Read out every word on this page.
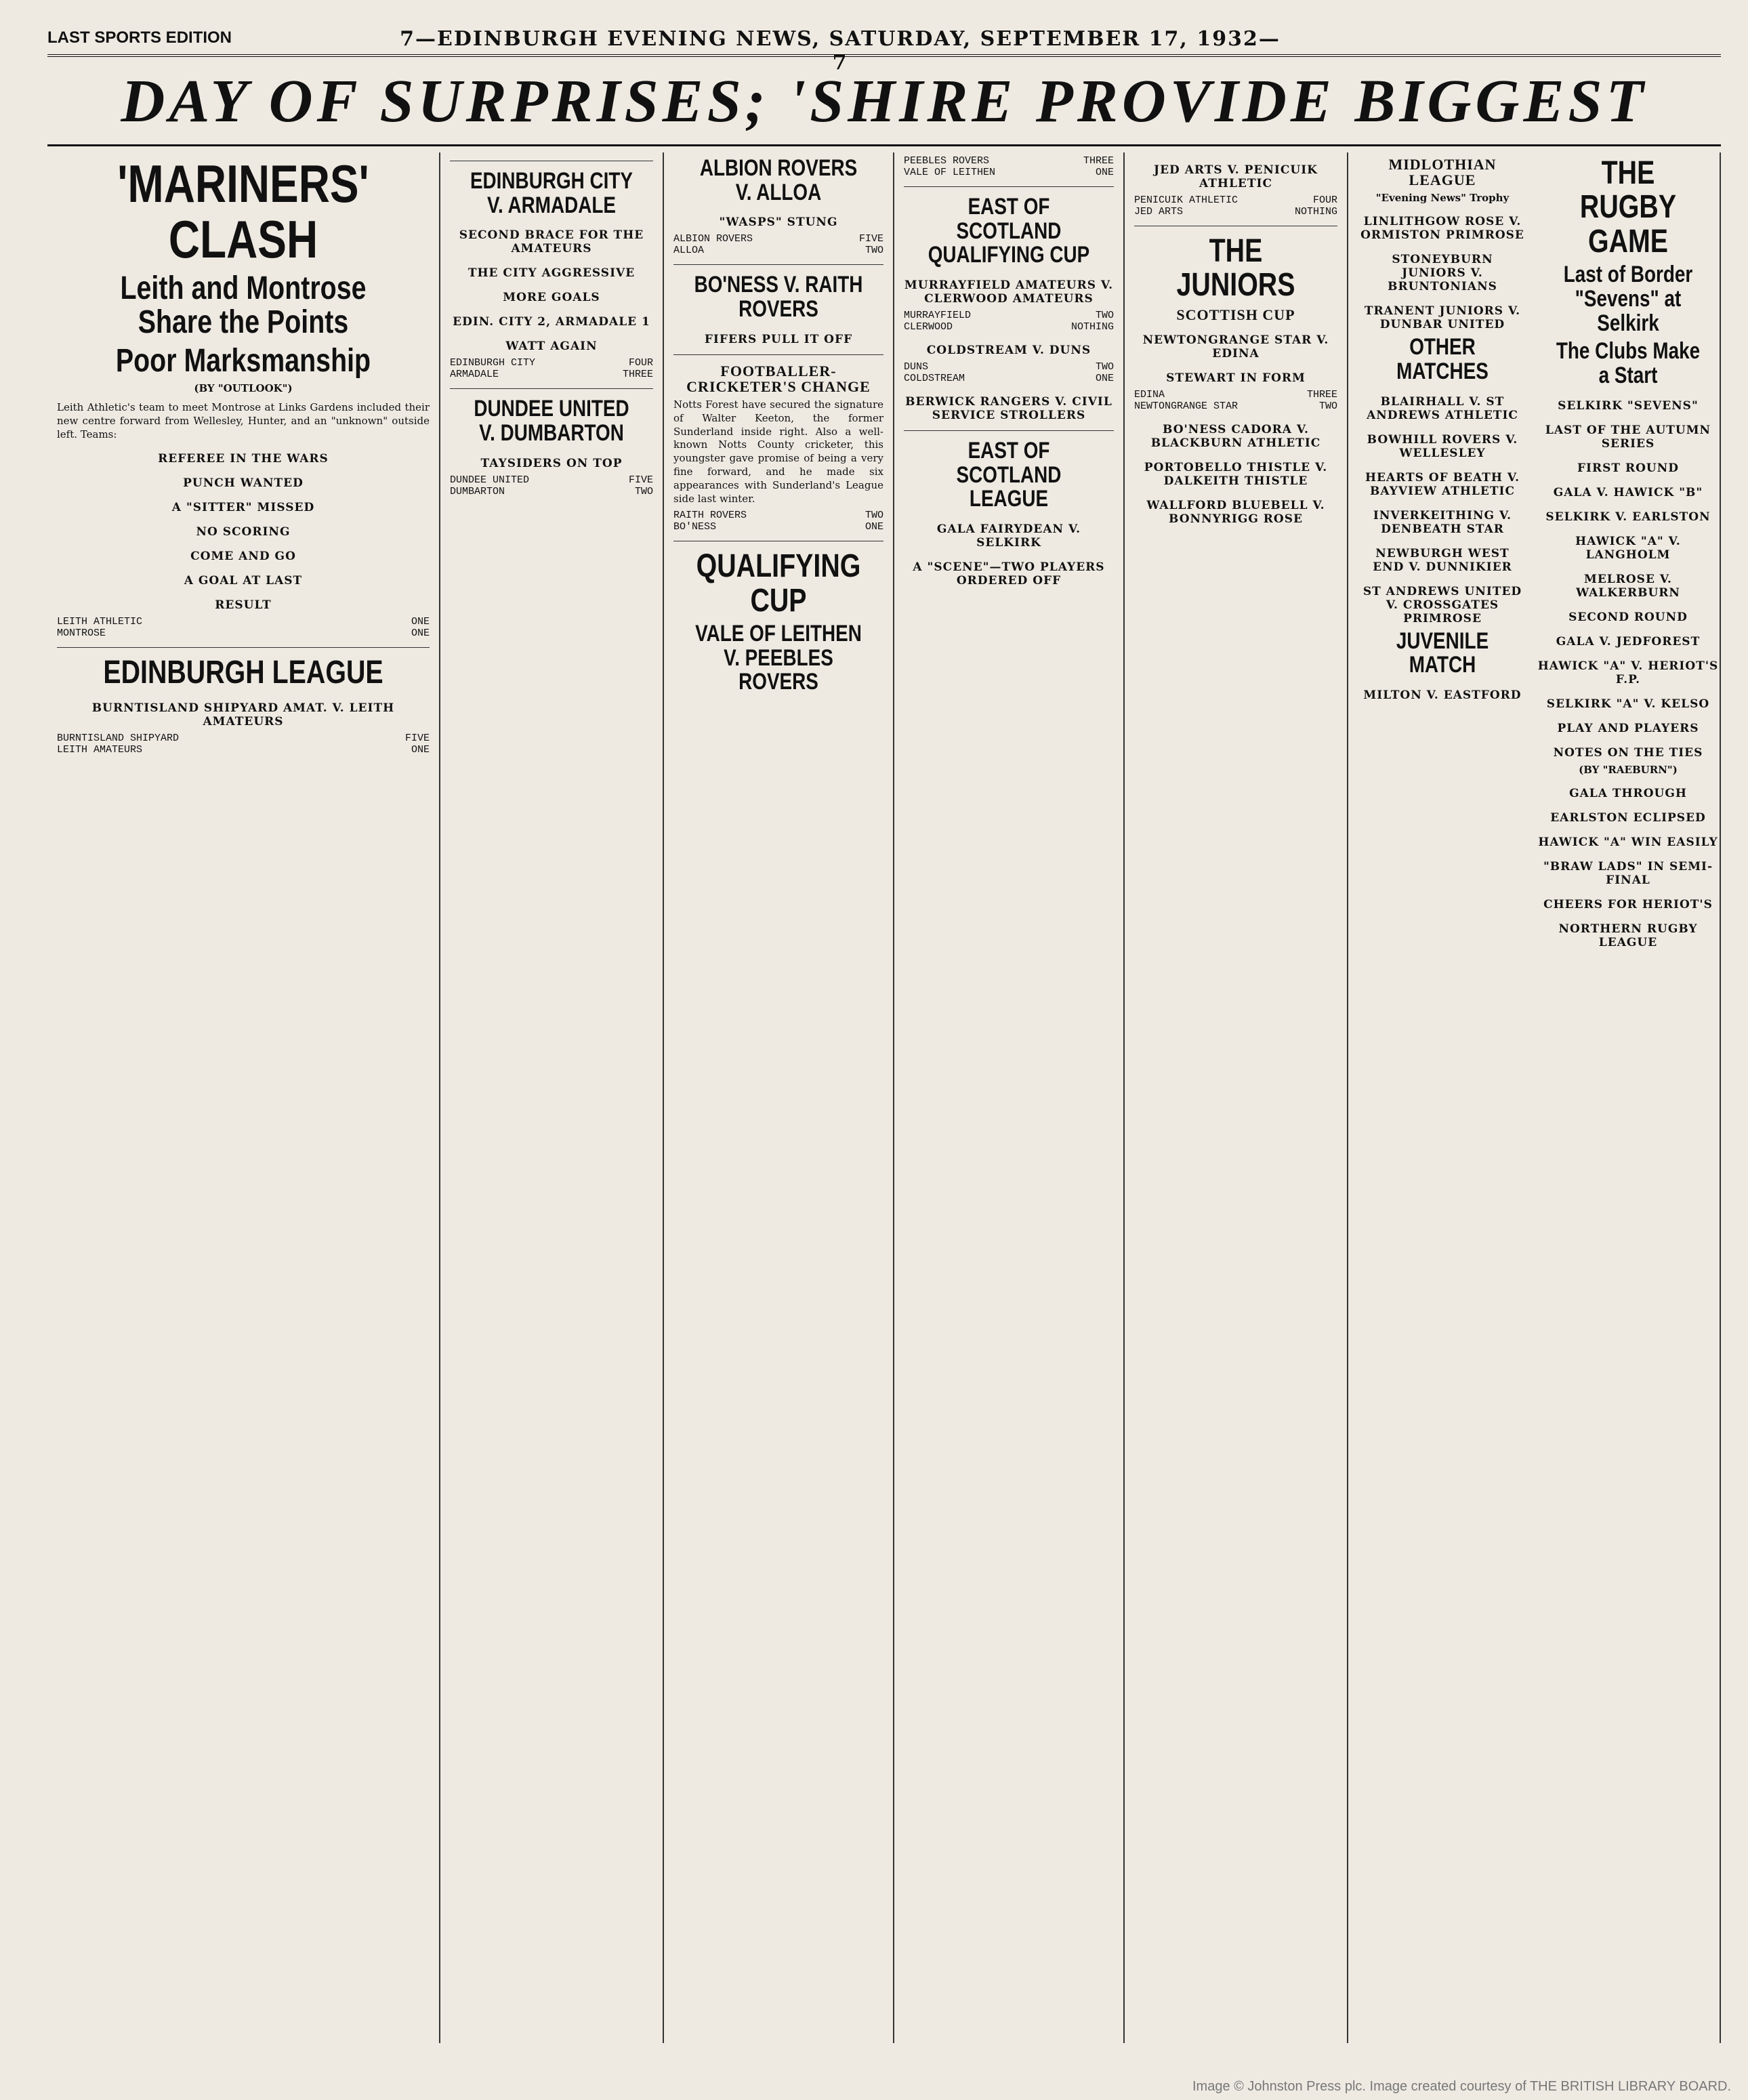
LAST SPORTS EDITION	7—EDINBURGH EVENING NEWS, SATURDAY, SEPTEMBER 17, 1932—7
DAY OF SURPRISES; 'SHIRE PROVIDE BIGGEST
'MARINERS' CLASH
Leith and Montrose Share the Points
Poor Marksmanship
(BY "OUTLOOK")

Leith Athletic's team to meet Montrose at Links Gardens included their new centre forward from Wellesley, Hunter, and an "unknown" outside left. Teams:

REFEREE IN THE WARS
PUNCH WANTED
A "SITTER" MISSED
NO SCORING
COME AND GO
A GOAL AT LAST
RESULT
LEITH ATHLETIC	ONE
MONTROSE	ONE
EDINBURGH LEAGUE
BURNTISLAND SHIPYARD AMAT. V. LEITH AMATEURS
BURNTISLAND SHIPYARD	FIVE
LEITH AMATEURS	ONE
EDINBURGH CITY V. ARMADALE
SECOND BRACE FOR THE AMATEURS
THE CITY AGGRESSIVE
MORE GOALS
EDIN. CITY 2, ARMADALE 1
WATT AGAIN
EDINBURGH CITY	FOUR
ARMADALE	THREE
DUNDEE UNITED V. DUMBARTON
TAYSIDERS ON TOP
DUNDEE UNITED	FIVE
DUMBARTON	TWO
ALBION ROVERS V. ALLOA
"WASPS" STUNG
ALBION ROVERS	FIVE
ALLOA	TWO
BO'NESS V. RAITH ROVERS
FIFERS PULL IT OFF
FOOTBALLER-CRICKETER'S CHANGE

Notts Forest have secured the signature of Walter Keeton, the former Sunderland inside right. Also a well-known Notts County cricketer, this youngster gave promise of being a very fine forward, and he made six appearances with Sunderland's League side last winter.

RAITH ROVERS	TWO
BO'NESS	ONE
QUALIFYING CUP
VALE OF LEITHEN V. PEEBLES ROVERS
PEEBLES ROVERS	THREE
VALE OF LEITHEN	ONE
EAST OF SCOTLAND QUALIFYING CUP
MURRAYFIELD AMATEURS V. CLERWOOD AMATEURS
MURRAYFIELD	TWO
CLERWOOD	NOTHING
COLDSTREAM V. DUNS
DUNS	TWO
COLDSTREAM	ONE
BERWICK RANGERS V. CIVIL SERVICE STROLLERS
EAST OF SCOTLAND LEAGUE
GALA FAIRYDEAN V. SELKIRK
A "SCENE"—TWO PLAYERS ORDERED OFF
JED ARTS V. PENICUIK ATHLETIC
PENICUIK ATHLETIC	FOUR
JED ARTS	NOTHING
THE JUNIORS
SCOTTISH CUP
NEWTONGRANGE STAR V. EDINA
STEWART IN FORM
EDINA	THREE
NEWTONGRANGE STAR	TWO
BO'NESS CADORA V. BLACKBURN ATHLETIC
PORTOBELLO THISTLE V. DALKEITH THISTLE
WALLFORD BLUEBELL V. BONNYRIGG ROSE
MIDLOTHIAN LEAGUE
"Evening News" Trophy
LINLITHGOW ROSE V. ORMISTON PRIMROSE
STONEYBURN JUNIORS V. BRUNTONIANS
TRANENT JUNIORS V. DUNBAR UNITED
OTHER MATCHES
BLAIRHALL V. ST ANDREWS ATHLETIC
BOWHILL ROVERS V. WELLESLEY
HEARTS OF BEATH V. BAYVIEW ATHLETIC
INVERKEITHING V. DENBEATH STAR
NEWBURGH WEST END V. DUNNIKIER
ST ANDREWS UNITED V. CROSSGATES PRIMROSE
JUVENILE MATCH
MILTON V. EASTFORD
THE RUGBY GAME
Last of Border "Sevens" at Selkirk
The Clubs Make a Start
SELKIRK "SEVENS"
LAST OF THE AUTUMN SERIES
FIRST ROUND
GALA V. HAWICK "B"
SELKIRK V. EARLSTON
HAWICK "A" V. LANGHOLM
MELROSE V. WALKERBURN
SECOND ROUND
GALA V. JEDFOREST
HAWICK "A" V. HERIOT'S F.P.
SELKIRK "A" V. KELSO
PLAY AND PLAYERS
NOTES ON THE TIES
(BY "RAEBURN")
GALA THROUGH
EARLSTON ECLIPSED
HAWICK "A" WIN EASILY
"BRAW LADS" IN SEMI-FINAL
CHEERS FOR HERIOT'S
NORTHERN RUGBY LEAGUE
Image © Johnston Press plc. Image created courtesy of THE BRITISH LIBRARY BOARD.
